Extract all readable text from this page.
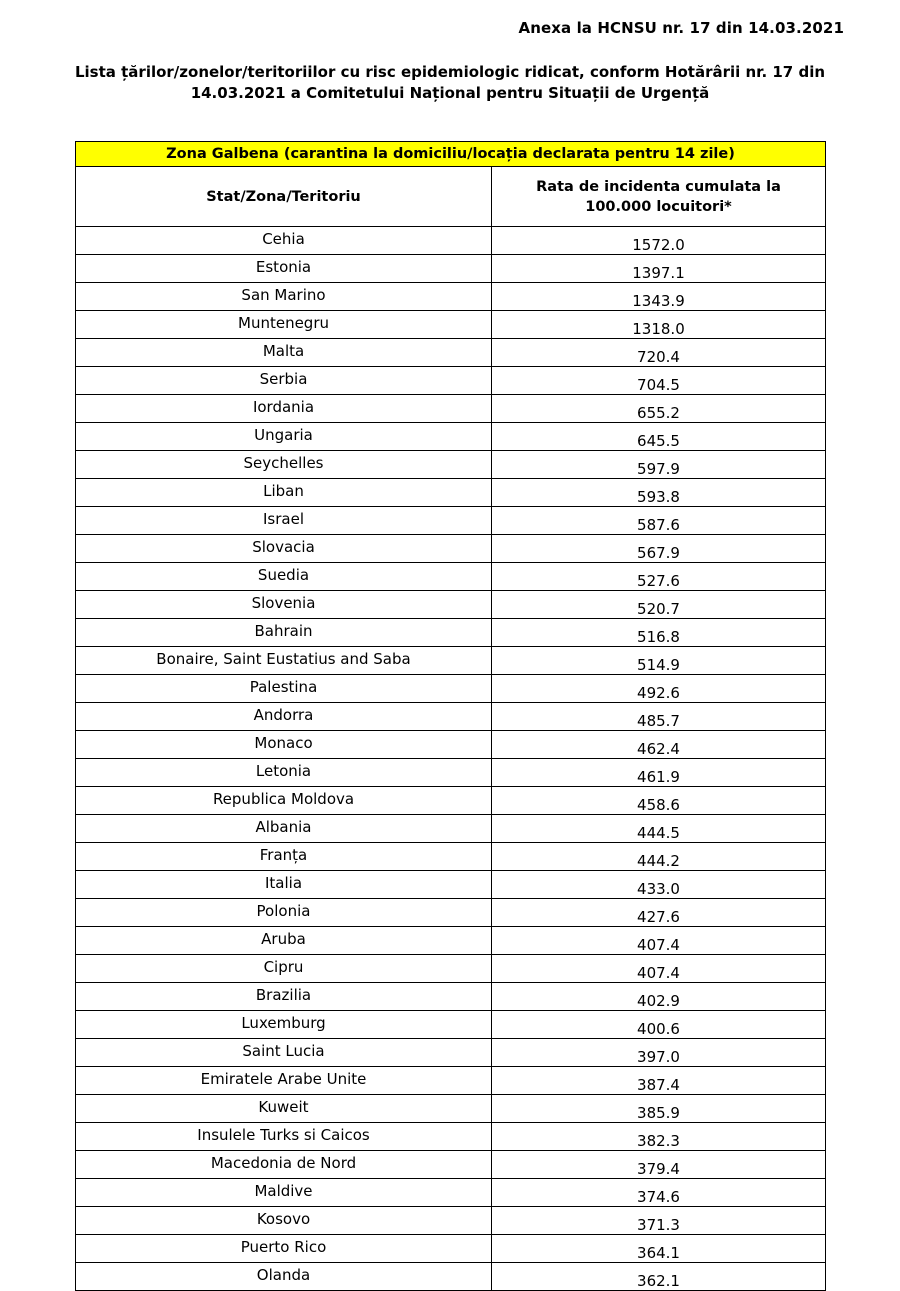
Anexa la HCNSU nr. 17 din 14.03.2021
Lista țărilor/zonelor/teritoriilor cu risc epidemiologic ridicat, conform Hotărârii nr. 17 din
14.03.2021 a Comitetului Național pentru Situații de Urgență
Zona Galbena (carantina la domiciliu/locația declarata pentru 14 zile)	
Stat/Zona/Teritoriu	Rata de incidenta cumulata la
100.000 locuitori*

Cehia	1572.0
Estonia	1397.1
San Marino	1343.9
Muntenegru	1318.0
Malta	720.4
Serbia	704.5
Iordania	655.2
Ungaria	645.5
Seychelles	597.9
Liban	593.8
Israel	587.6
Slovacia	567.9
Suedia	527.6
Slovenia	520.7
Bahrain	516.8
Bonaire, Saint Eustatius and Saba	514.9
Palestina	492.6
Andorra	485.7
Monaco	462.4
Letonia	461.9
Republica Moldova	458.6
Albania	444.5
Franța	444.2
Italia	433.0
Polonia	427.6
Aruba	407.4
Cipru	407.4
Brazilia	402.9
Luxemburg	400.6
Saint Lucia	397.0
Emiratele Arabe Unite	387.4
Kuweit	385.9
Insulele Turks si Caicos	382.3
Macedonia de Nord	379.4
Maldive	374.6
Kosovo	371.3
Puerto Rico	364.1
Olanda	362.1
